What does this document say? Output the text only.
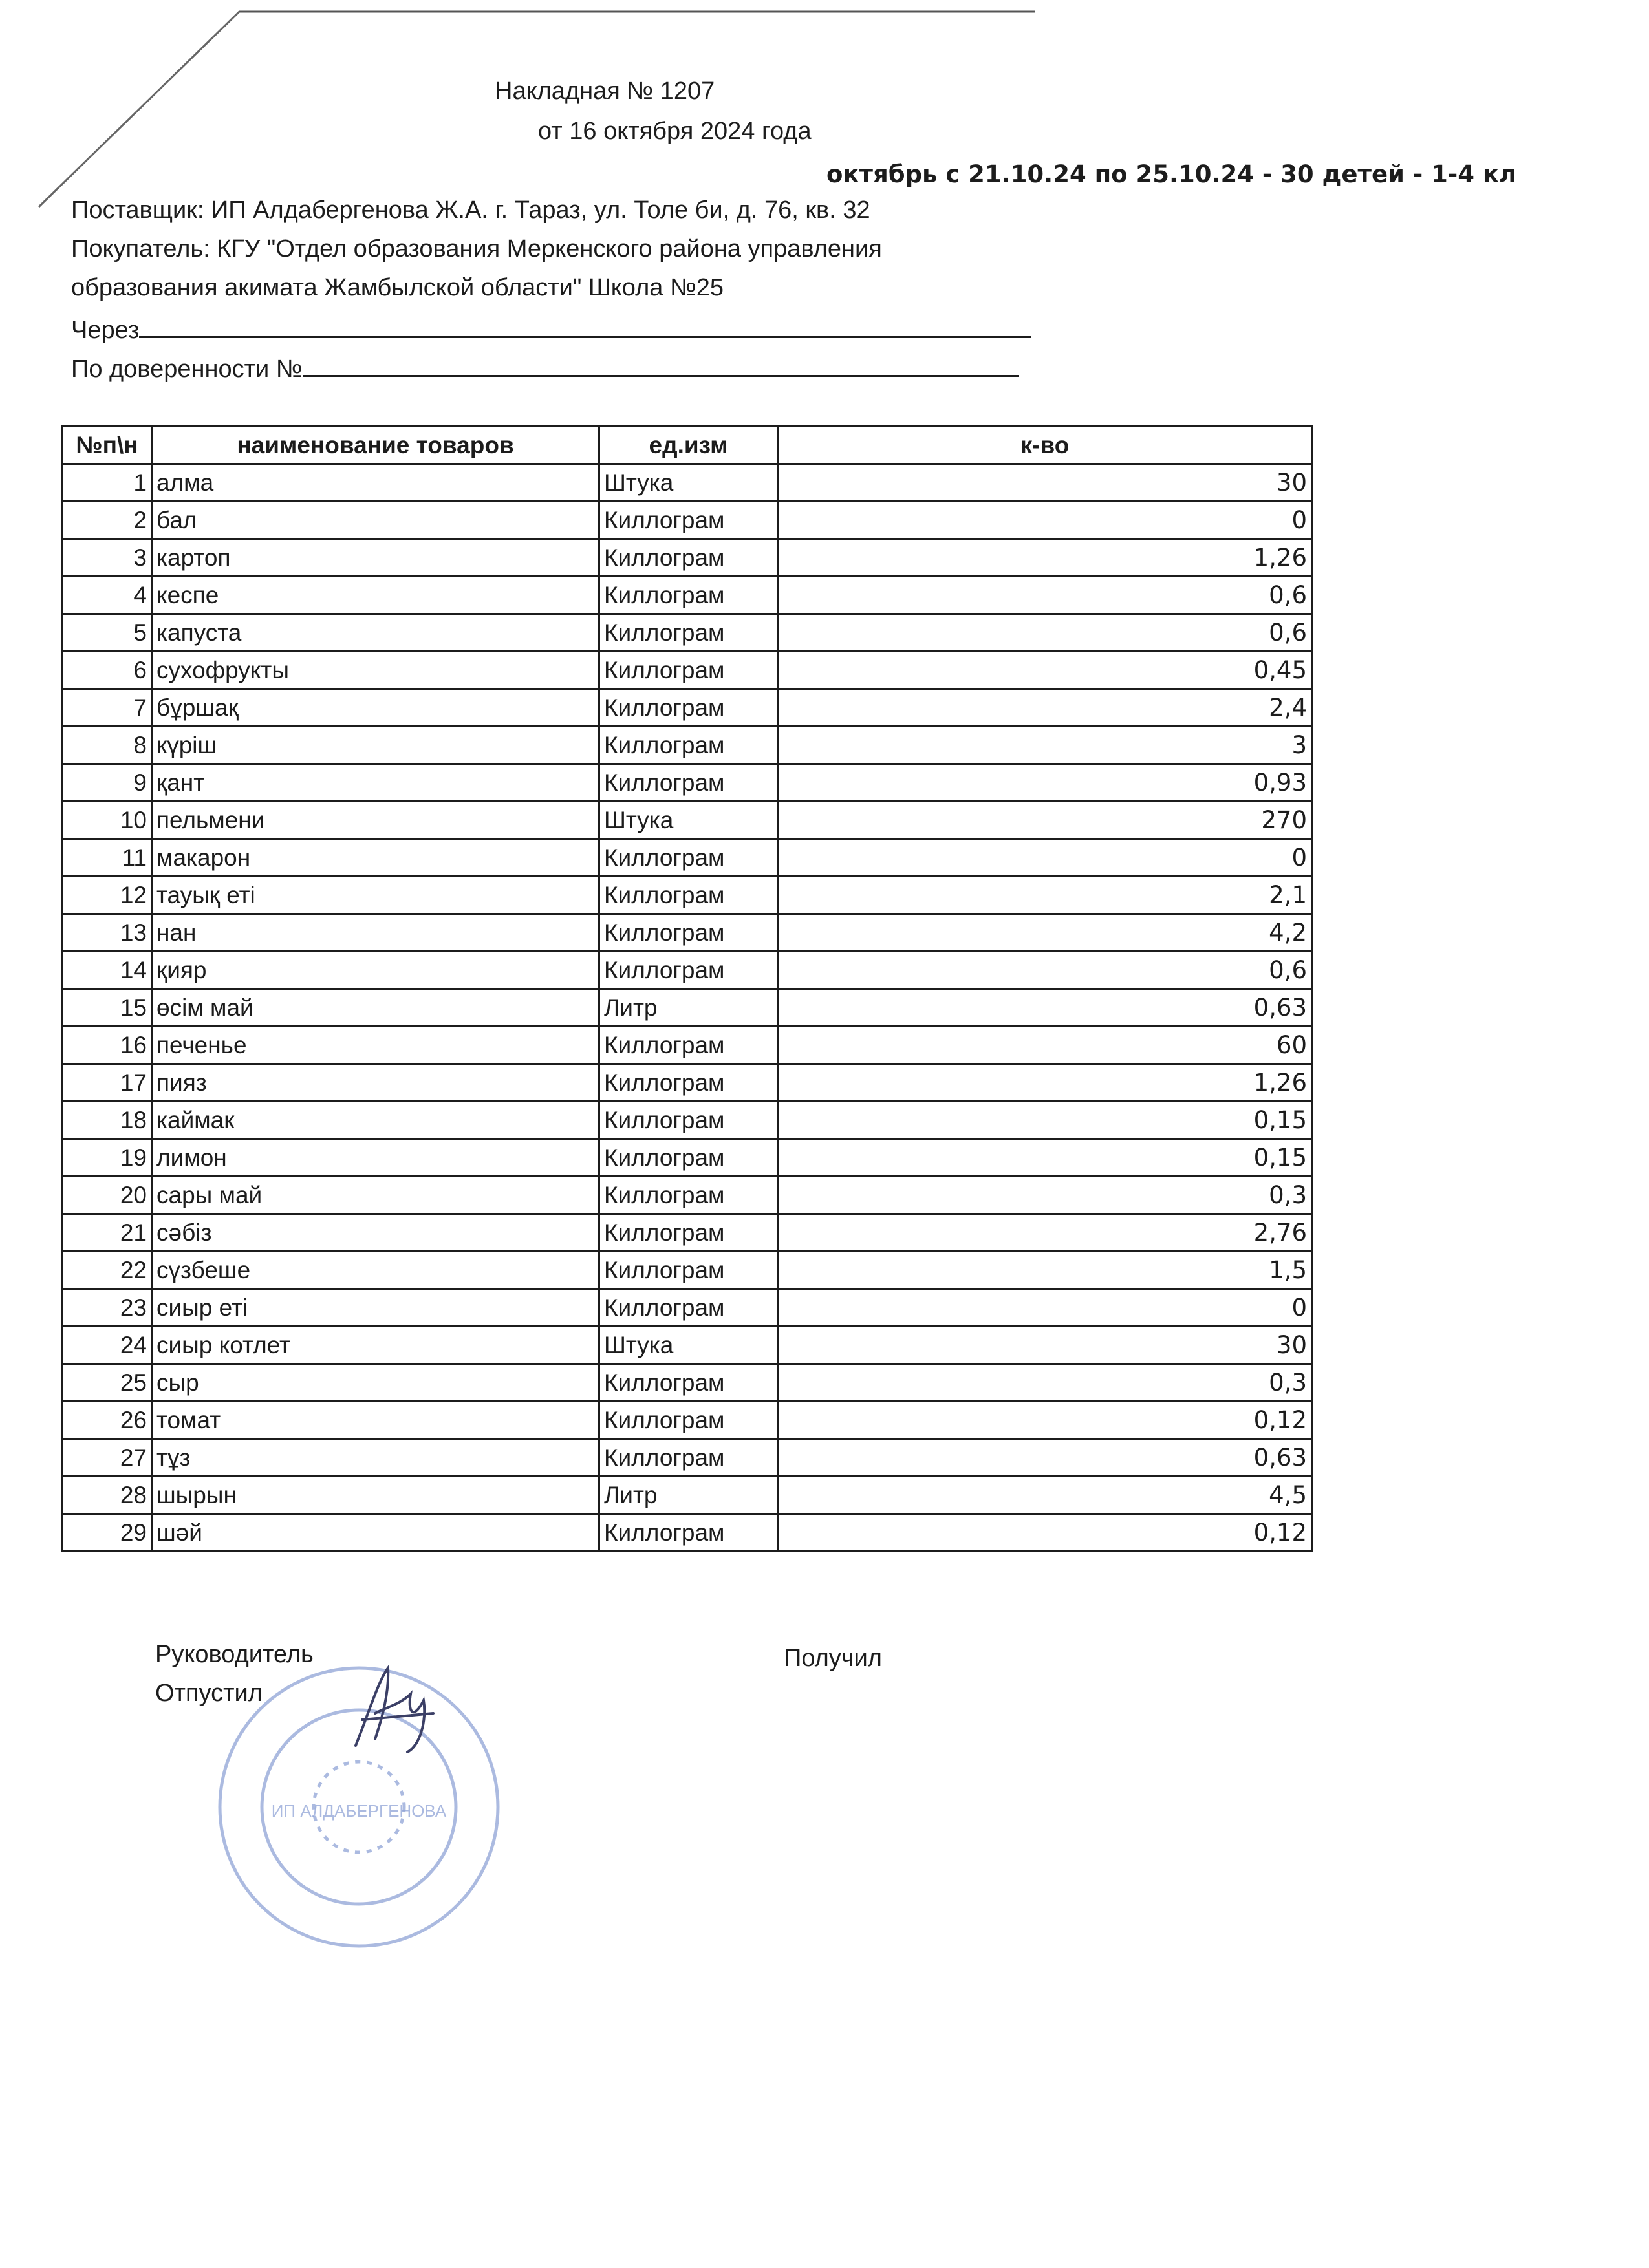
Накладная № 1207
от 16 октября 2024 года
октябрь с 21.10.24 по 25.10.24 - 30 детей - 1-4 кл
Поставщик: ИП Алдабергенова Ж.А. г. Тараз, ул. Толе би, д. 76, кв. 32
Покупатель: КГУ "Отдел образования Меркенского района управления
образования акимата Жамбылской области" Школа №25
Через
По доверенности №
№п\н	наименование товаров	ед.изм	к-во
1	алма	Штука	30
2	бал	Киллограм	0
3	картоп	Киллограм	1,26
4	кеспе	Киллограм	0,6
5	капуста	Киллограм	0,6
6	сухофрукты	Киллограм	0,45
7	бұршақ	Киллограм	2,4
8	күріш	Киллограм	3
9	қант	Киллограм	0,93
10	пельмени	Штука	270
11	макарон	Киллограм	0
12	тауық еті	Киллограм	2,1
13	нан	Киллограм	4,2
14	қияр	Киллограм	0,6
15	өсім май	Литр	0,63
16	печенье	Киллограм	60
17	пияз	Киллограм	1,26
18	каймак	Киллограм	0,15
19	лимон	Киллограм	0,15
20	сары май	Киллограм	0,3
21	сәбіз	Киллограм	2,76
22	сүзбеше	Киллограм	1,5
23	сиыр еті	Киллограм	0
24	сиыр котлет	Штука	30
25	сыр	Киллограм	0,3
26	томат	Киллограм	0,12
27	тұз	Киллограм	0,63
28	шырын	Литр	4,5
29	шәй	Киллограм	0,12
Руководитель	Получил
Отпустил
ИП АЛДАБЕРГЕНОВА
